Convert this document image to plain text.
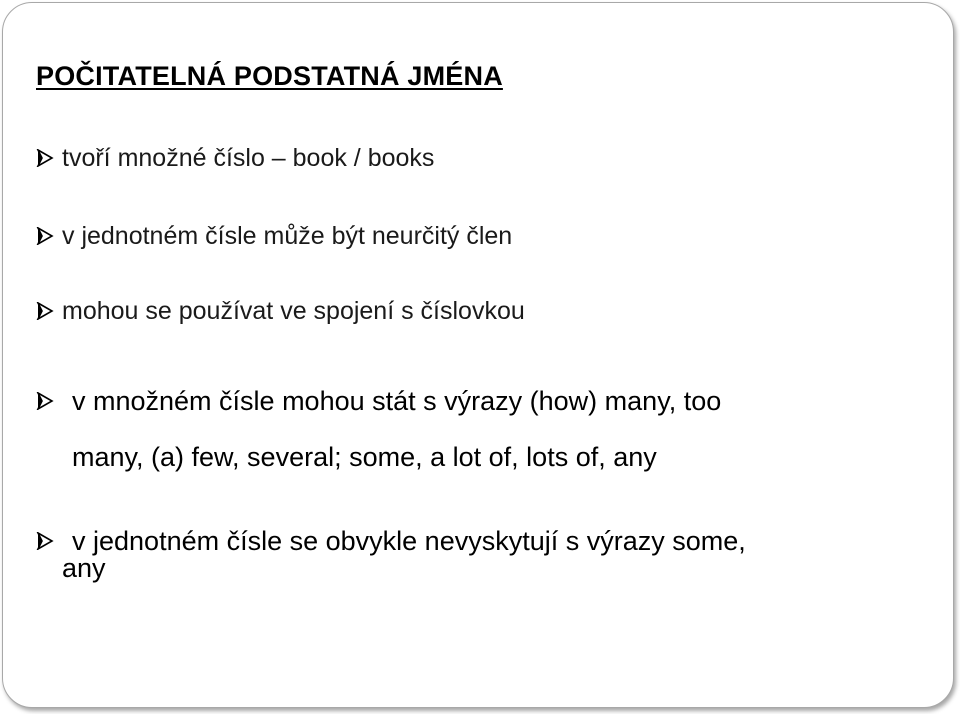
POČITATELNÁ PODSTATNÁ JMÉNA
tvoří množné číslo – book / books
v jednotném čísle může být neurčitý člen
mohou se používat ve spojení s číslovkou
v množném čísle mohou stát s výrazy (how) many, too
many, (a) few, several; some, a lot of, lots of, any
v jednotném čísle se obvykle nevyskytují s výrazy some,
any
